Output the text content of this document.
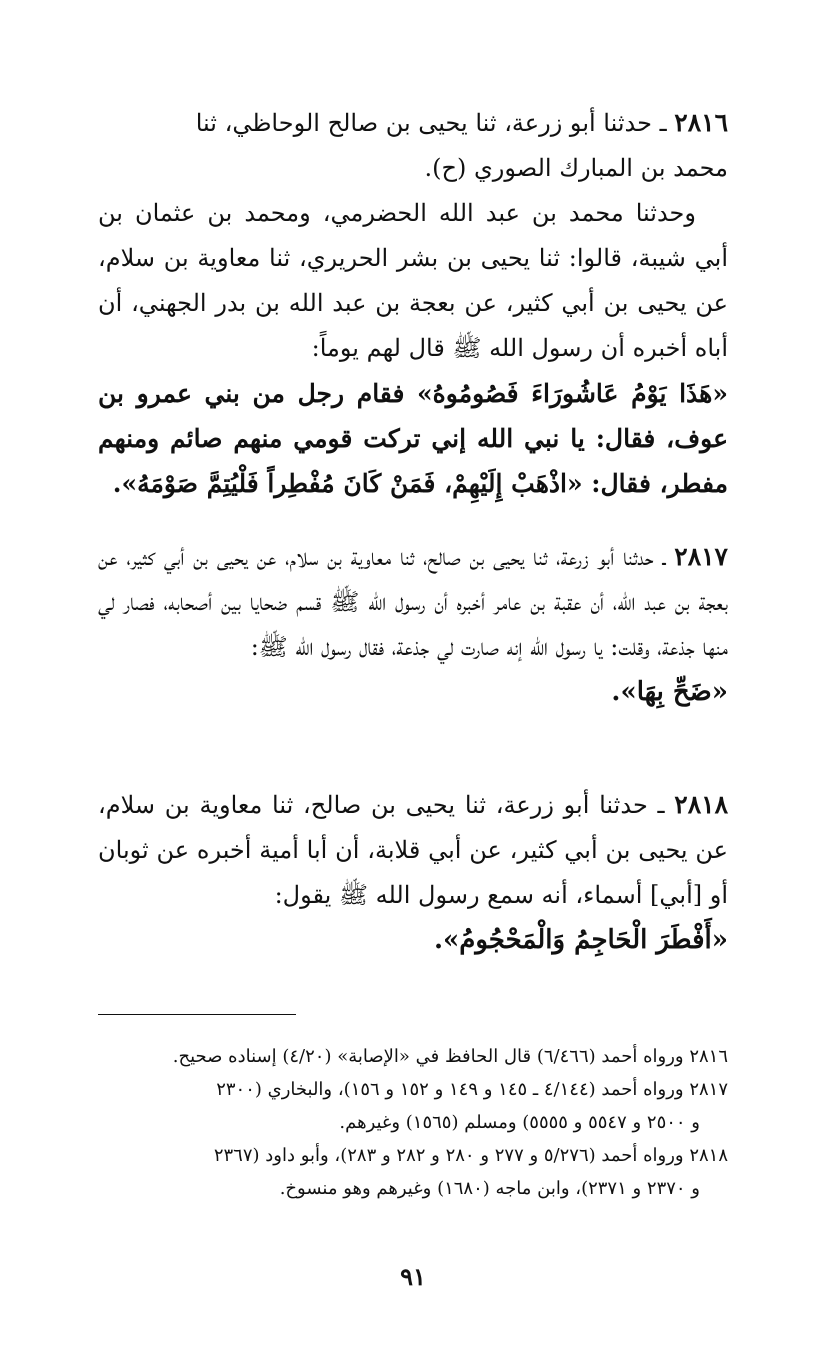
٢٨١٦ ـ حدثنا أبو زرعة، ثنا يحيى بن صالح الوحاظي، ثنا

محمد بن المبارك الصوري (ح).

وحدثنا محمد بن عبد الله الحضرمي، ومحمد بن عثمان بن أبي شيبة، قالوا: ثنا يحيى بن بشر الحريري، ثنا معاوية بن سلام، عن يحيى بن أبي كثير، عن بعجة بن عبد الله بن بدر الجهني، أن أباه أخبره أن رسول الله ﷺ قال لهم يوماً:

«هَذَا يَوْمُ عَاشُورَاءَ فَصُومُوهُ» فقام رجل من بني عمرو بن عوف، فقال: يا نبي الله إني تركت قومي منهم صائم ومنهم مفطر، فقال: «اذْهَبْ إِلَيْهِمْ، فَمَنْ كَانَ مُفْطِراً فَلْيُتِمَّ صَوْمَهُ».

٢٨١٧ ـ حدثنا أبو زرعة، ثنا يحيى بن صالح، ثنا معاوية بن سلام، عن يحيى بن أبي كثير، عن بعجة بن عبد الله، أن عقبة بن عامر أخبره أن رسول الله ﷺ قسم ضحايا بين أصحابه، فصار لي منها جذعة، وقلت: يا رسول الله إنه صارت لي جذعة، فقال رسول الله ﷺ:

«ضَحِّ بِهَا».

٢٨١٨ ـ حدثنا أبو زرعة، ثنا يحيى بن صالح، ثنا معاوية بن سلام، عن يحيى بن أبي كثير، عن أبي قلابة، أن أبا أمية أخبره عن ثوبان أو [أبي] أسماء، أنه سمع رسول الله ﷺ يقول:

«أَفْطَرَ الْحَاجِمُ وَالْمَحْجُومُ».

٢٨١٦ ورواه أحمد (٦/٤٦٦) قال الحافظ في «الإصابة» (٤/٢٠) إسناده صحيح.

٢٨١٧ ورواه أحمد (٤/١٤٤ ـ ١٤٥ و ١٤٩ و ١٥٢ و ١٥٦)، والبخاري (٢٣٠٠

و ٢٥٠٠ و ٥٥٤٧ و ٥٥٥٥) ومسلم (١٥٦٥) وغيرهم.

٢٨١٨ ورواه أحمد (٥/٢٧٦ و ٢٧٧ و ٢٨٠ و ٢٨٢ و ٢٨٣)، وأبو داود (٢٣٦٧

و ٢٣٧٠ و ٢٣٧١)، وابن ماجه (١٦٨٠) وغيرهم وهو منسوخ.

٩١
